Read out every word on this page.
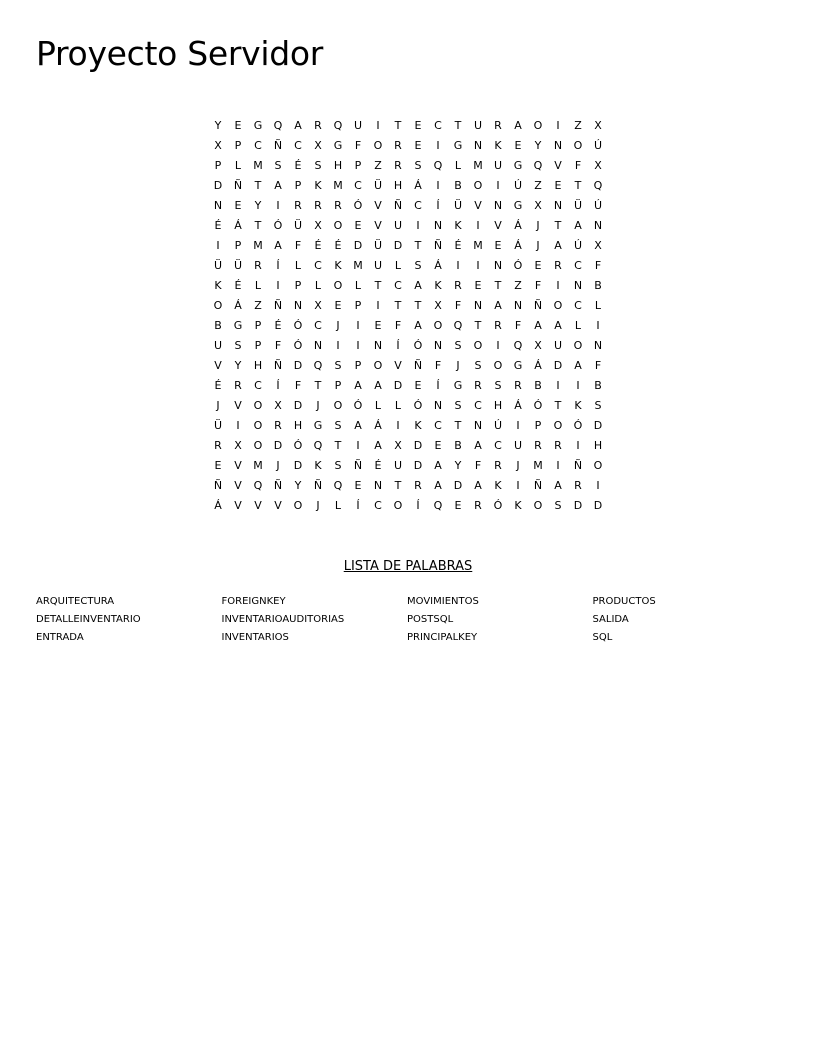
Proyecto Servidor
Y	E	G	Q	A	R	Q	U	I	T	E	C	T	U	R	A	O	I	Z	X
X	P	C	Ñ	C	X	G	F	O	R	E	I	G	N	K	E	Y	N	O	Ú
P	L	M	S	É	S	H	P	Z	R	S	Q	L	M	U	G	Q	V	F	X
D	Ñ	T	A	P	K	M	C	Ü	H	Á	I	B	O	I	Ú	Z	E	T	Q
N	E	Y	I	R	R	R	Ó	V	Ñ	C	Í	Ü	V	N	G	X	N	Ü	Ú
É	Á	T	Ó	Ü	X	O	E	V	U	I	N	K	I	V	Á	J	T	A	N
I	P	M	A	F	É	É	D	Ü	D	T	Ñ	É	M	E	Á	J	A	Ú	X
Ü	Ü	R	Í	L	C	K	M	U	L	S	Á	I	I	N	Ó	E	R	C	F
K	É	L	I	P	L	O	L	T	C	A	K	R	E	T	Z	F	I	N	B
O	Á	Z	Ñ	N	X	E	P	I	T	T	X	F	N	A	N	Ñ	O	C	L
B	G	P	É	Ó	C	J	I	E	F	A	O	Q	T	R	F	A	A	L	I
U	S	P	F	Ó	N	I	I	N	Í	Ó	N	S	O	I	Q	X	U	O	N
V	Y	H	Ñ	D	Q	S	P	O	V	Ñ	F	J	S	O	G	Á	D	A	F
É	R	C	Í	F	T	P	A	A	D	E	Í	G	R	S	R	B	I	I	B
J	V	O	X	D	J	O	Ó	L	L	Ó	N	S	C	H	Á	Ó	T	K	S
Ü	I	O	R	H	G	S	A	Á	I	K	C	T	N	Ú	I	P	O	Ó	D
R	X	O	D	Ó	Q	T	I	A	X	D	E	B	A	C	U	R	R	I	H
E	V	M	J	D	K	S	Ñ	É	U	D	A	Y	F	R	J	M	I	Ñ	O
Ñ	V	Q	Ñ	Y	Ñ	Q	E	N	T	R	A	D	A	K	I	Ñ	A	R	I
Á	V	V	V	O	J	L	Í	C	O	Í	Q	E	R	Ó	K	O	S	D	D
LISTA DE PALABRAS
ARQUITECTURA	FOREIGNKEY	MOVIMIENTOS	PRODUCTOS
DETALLEINVENTARIO	INVENTARIOAUDITORIAS	POSTSQL	SALIDA
ENTRADA	INVENTARIOS	PRINCIPALKEY	SQL
